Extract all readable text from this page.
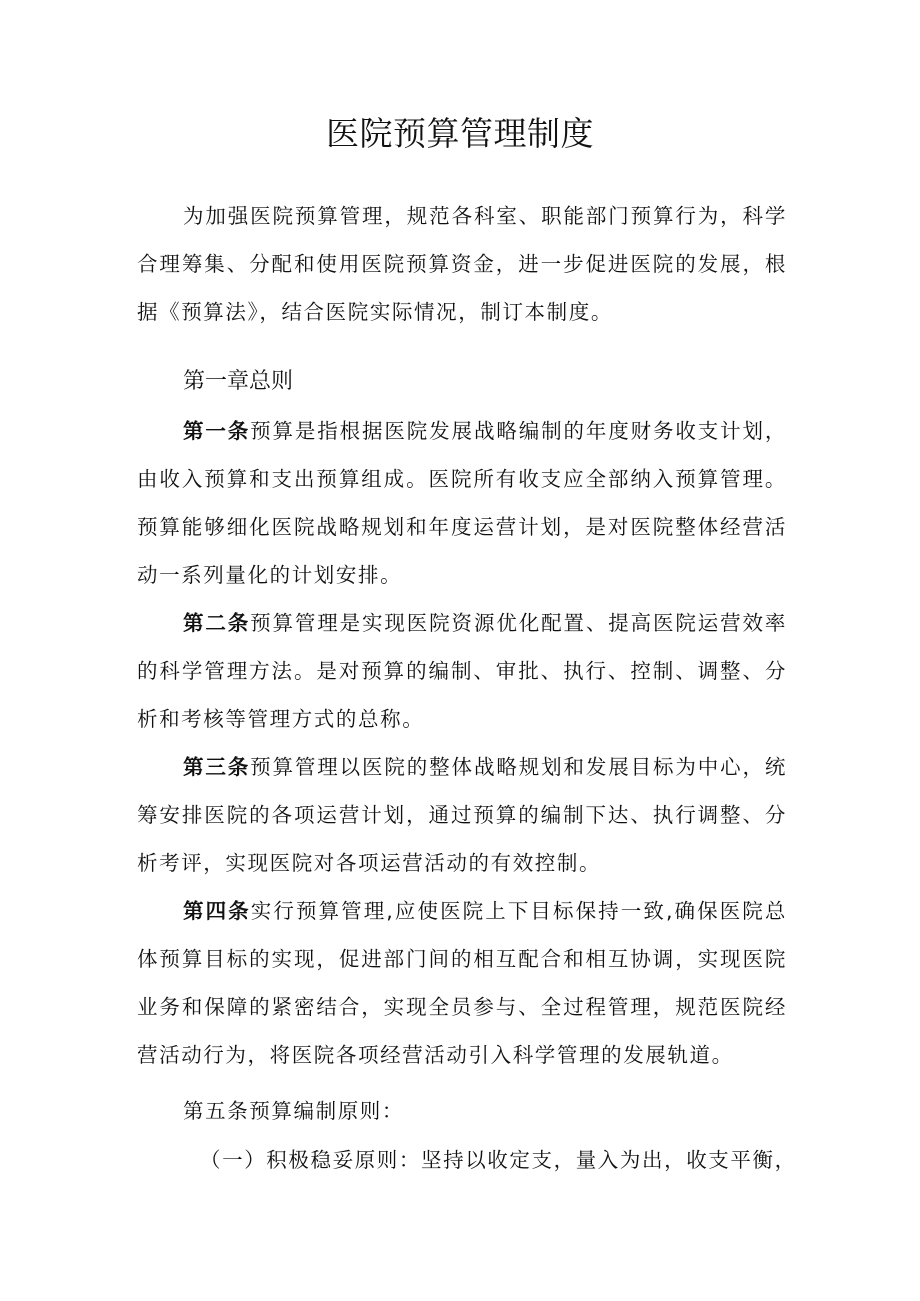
医院预算管理制度

为加强医院预算管理，规范各科室、职能部门预算行为，科学合理筹集、分配和使用医院预算资金，进一步促进医院的发展，根据《预算法》，结合医院实际情况，制订本制度。

第一章总则

第一条预算是指根据医院发展战略编制的年度财务收支计划，由收入预算和支出预算组成。医院所有收支应全部纳入预算管理。预算能够细化医院战略规划和年度运营计划，是对医院整体经营活动一系列量化的计划安排。

第二条预算管理是实现医院资源优化配置、提高医院运营效率的科学管理方法。是对预算的编制、审批、执行、控制、调整、分析和考核等管理方式的总称。

第三条预算管理以医院的整体战略规划和发展目标为中心，统筹安排医院的各项运营计划，通过预算的编制下达、执行调整、分析考评，实现医院对各项运营活动的有效控制。

第四条实行预算管理,应使医院上下目标保持一致,确保医院总体预算目标的实现，促进部门间的相互配合和相互协调，实现医院业务和保障的紧密结合，实现全员参与、全过程管理，规范医院经营活动行为，将医院各项经营活动引入科学管理的发展轨道。

第五条预算编制原则：
（一）积极稳妥原则：坚持以收定支，量入为出，收支平衡，
